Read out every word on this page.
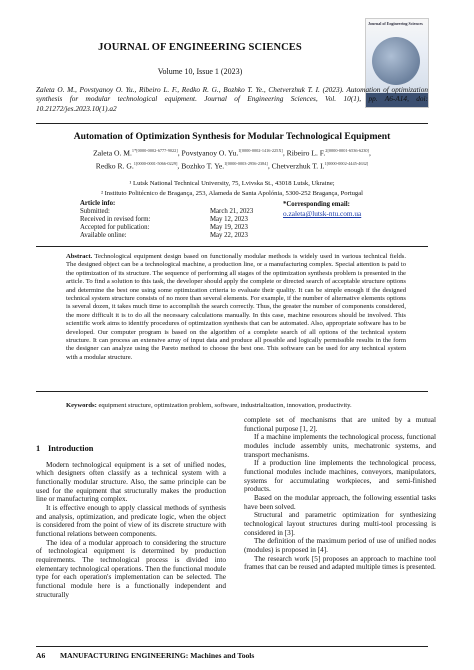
JOURNAL OF ENGINEERING SCIENCES
Volume 10, Issue 1 (2023)
Journal of Engineering Sciences
Zaleta O. M., Povstyanoy O. Yu., Ribeiro L. F., Redko R. G., Bozhko T. Ye., Chetverzhuk T. I. (2023). Automation of optimization synthesis for modular technological equipment. Journal of Engineering Sciences, Vol. 10(1), pp. A6-A14, doi: 10.21272/jes.2023.10(1).a2
Automation of Optimization Synthesis for Modular Technological Equipment
Zaleta O. M.$^{1*[0000-0002-6777-9022]}$, Povstyanoy O. Yu.$^{1[0000-0002-1416-225X]}$, Ribeiro L. F.$^{2[0000-0001-6536-6230]}$,
Redko R. G.$^{1[0000-0001-5066-0229]}$, Bozhko T. Ye.$^{1[0000-0003-2956-2384]}$, Chetverzhuk T. I.$^{1[0000-0002-4445-4632]}$
¹ Lutsk National Technical University, 75, Lvivska St., 43018 Lutsk, Ukraine;
² Instituto Politécnico de Bragança, 253, Alameda de Santa Apolónia, 5300-252 Bragança, Portugal
Article info:
Submitted:
Received in revised form:
Accepted for publication:
Available online:
March 21, 2023
May 12, 2023
May 19, 2023
May 22, 2023
*Corresponding email:
o.zaleta@lutsk-ntu.com.ua
Abstract. Technological equipment design based on functionally modular methods is widely used in various technical fields. The designed object can be a technological machine, a production line, or a manufacturing complex. Special attention is paid to the optimization of its structure. The sequence of performing all stages of the optimization synthesis problem is presented in the article. To find a solution to this task, the developer should apply the complete or directed search of acceptable structure options and determine the best one using some optimization criteria to evaluate their quality. It can be simple enough if the designed technical system structure consists of no more than several elements. For example, if the number of alternative elements options is several dozen, it takes much time to accomplish the search correctly. Thus, the greater the number of components considered, the more difficult it is to do all the necessary calculations manually. In this case, machine resources should be involved. This scientific work aims to identify procedures of optimization synthesis that can be automated. Also, appropriate software has to be developed. Our computer program is based on the algorithm of a complete search of all options of the technical system structure. It can process an extensive array of input data and produce all possible and logically permissible results in the form the designer can analyze using the Pareto method to choose the best one. This software can be used for any technical system with a modular structure.
Keywords: equipment structure, optimization problem, software, industrialization, innovation, productivity.
1 Introduction

Modern technological equipment is a set of unified nodes, which designers often classify as a technical system with a functionally modular structure. Also, the same principle can be used for the equipment that structurally makes the production line or manufacturing complex.

It is effective enough to apply classical methods of synthesis and analysis, optimization, and predicate logic, when the object is considered from the point of view of its discrete structure with functional relations between components.

The idea of a modular approach to considering the structure of technological equipment is determined by production requirements. The technological process is divided into elementary technological operations. Then the functional module type for each operation's implementation can be selected. The functional module here is a functionally independent and structurally

complete set of mechanisms that are united by a mutual functional purpose [1, 2].

If a machine implements the technological process, functional modules include assembly units, mechatronic systems, and transport mechanisms.

If a production line implements the technological process, functional modules include machines, conveyors, manipulators, systems for accumulating workpieces, and semi-finished products.

Based on the modular approach, the following essential tasks have been solved.

Structural and parametric optimization for synthesizing technological layout structures during multi-tool processing is considered in [3].

The definition of the maximum period of use of unified nodes (modules) is proposed in [4].

The research work [5] proposes an approach to machine tool frames that can be reused and adapted multiple times is presented.

A6 MANUFACTURING ENGINEERING: Machines and Tools
